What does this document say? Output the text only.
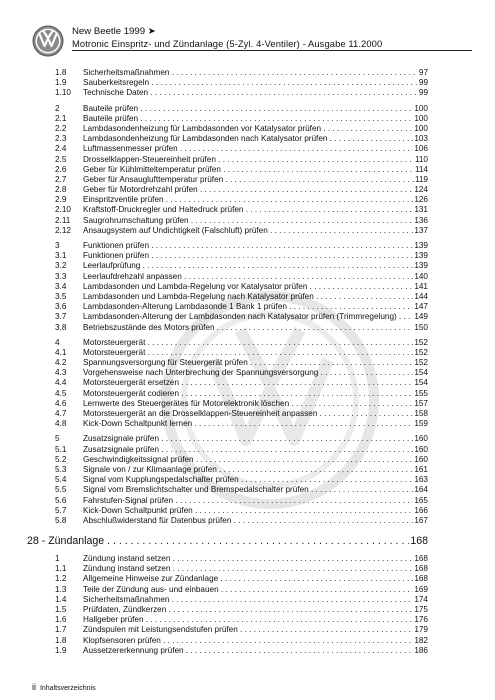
New Beetle 1999 ➤
Motronic Einspritz- und Zündanlage (5-Zyl. 4-Ventiler) - Ausgabe 11.2000
1.8 Sicherheitsmaßnahmen . . .	97
1.9 Sauberkeitsregeln . . .	99
1.10 Technische Daten . . .	99
2	Bauteile prüfen . . .	100
2.1 Bauteile prüfen . . .	100
2.2 Lambdasondenheizung für Lambdasonden vor Katalysator prüfen . . .	100
2.3 Lambdasondenheizung für Lambdasonden nach Katalysator prüfen . . .	103
2.4 Luftmassenmesser prüfen . . .	106
2.5 Drosselklappen-Steuereinheit prüfen . . .	110
2.6 Geber für Kühlmitteltemperatur prüfen . . .	114
2.7 Geber für Ansauglufttemperatur prüfen . . .	119
2.8 Geber für Motordrehzahl prüfen . . .	124
2.9 Einspritzventile prüfen . . .	126
2.10 Kraftstoff-Druckregler und Haltedruck prüfen . . .	131
2.11 Saugrohrumschaltung prüfen . . .	136
2.12 Ansaugsystem auf Undichtigkeit (Falschluft) prüfen . . .	137
3	Funktionen prüfen . . .	139
3.1 Funktionen prüfen . . .	139
3.2 Leerlaufprüfung . . .	139
3.3 Leerlaufdrehzahl anpassen . . .	140
3.4 Lambdasonden und Lambda-Regelung vor Katalysator prüfen . . .	141
3.5 Lambdasonden und Lambda-Regelung nach Katalysator prüfen . . .	144
3.6 Lambdasonden-Alterung Lambdasonde 1 Bank 1 prüfen . . .	147
3.7 Lambdasonden-Alterung der Lambdasonden nach Katalysator prüfen (Trimmregelung) . . .	149
3.8 Betriebszustände des Motors prüfen . . .	150
4	Motorsteuergerät . . .	152
4.1 Motorsteuergerät . . .	152
4.2 Spannungsversorgung für Steuergerät prüfen . . .	152
4.3 Vorgehensweise nach Unterbrechung der Spannungsversorgung . . .	154
4.4 Motorsteuergerät ersetzen . . .	154
4.5 Motorsteuergerät codieren . . .	155
4.6 Lernwerte des Steuergerätes für Motorelektronik löschen . . .	157
4.7 Motorsteuergerät an die Drosselklappen-Steuereinheit anpassen . . .	158
4.8 Kick-Down Schaltpunkt lernen . . .	159
5	Zusatzsignale prüfen . . .	160
5.1 Zusatzsignale prüfen . . .	160
5.2 Geschwindigkeitssignal prüfen . . .	160
5.3 Signale von / zur Klimaanlage prüfen . . .	161
5.4 Signal vom Kupplungspedalschalter prüfen . . .	163
5.5 Signal vom Bremslichtschalter und Bremspedalschalter prüfen . . .	164
5.6 Fahrstufen-Signal prüfen . . .	165
5.7 Kick-Down Schaltpunkt prüfen . . .	166
5.8 Abschlußwiderstand für Datenbus prüfen . . .	167
28 - Zündanlage . . .	168
1	Zündung instand setzen . . .	168
1.1 Zündung instand setzen . . .	168
1.2 Allgemeine Hinweise zur Zündanlage . . .	168
1.3 Teile der Zündung aus- und einbauen . . .	169
1.4 Sicherheitsmaßnahmen . . .	174
1.5 Prüfdaten, Zündkerzen . . .	175
1.6 Hallgeber prüfen . . .	176
1.7 Zündspulen mit Leistungsendstufen prüfen . . .	179
1.8 Klopfsensoren prüfen . . .	182
1.9 Aussetzererkennung prüfen . . .	186
ii Inhaltsverzeichnis
